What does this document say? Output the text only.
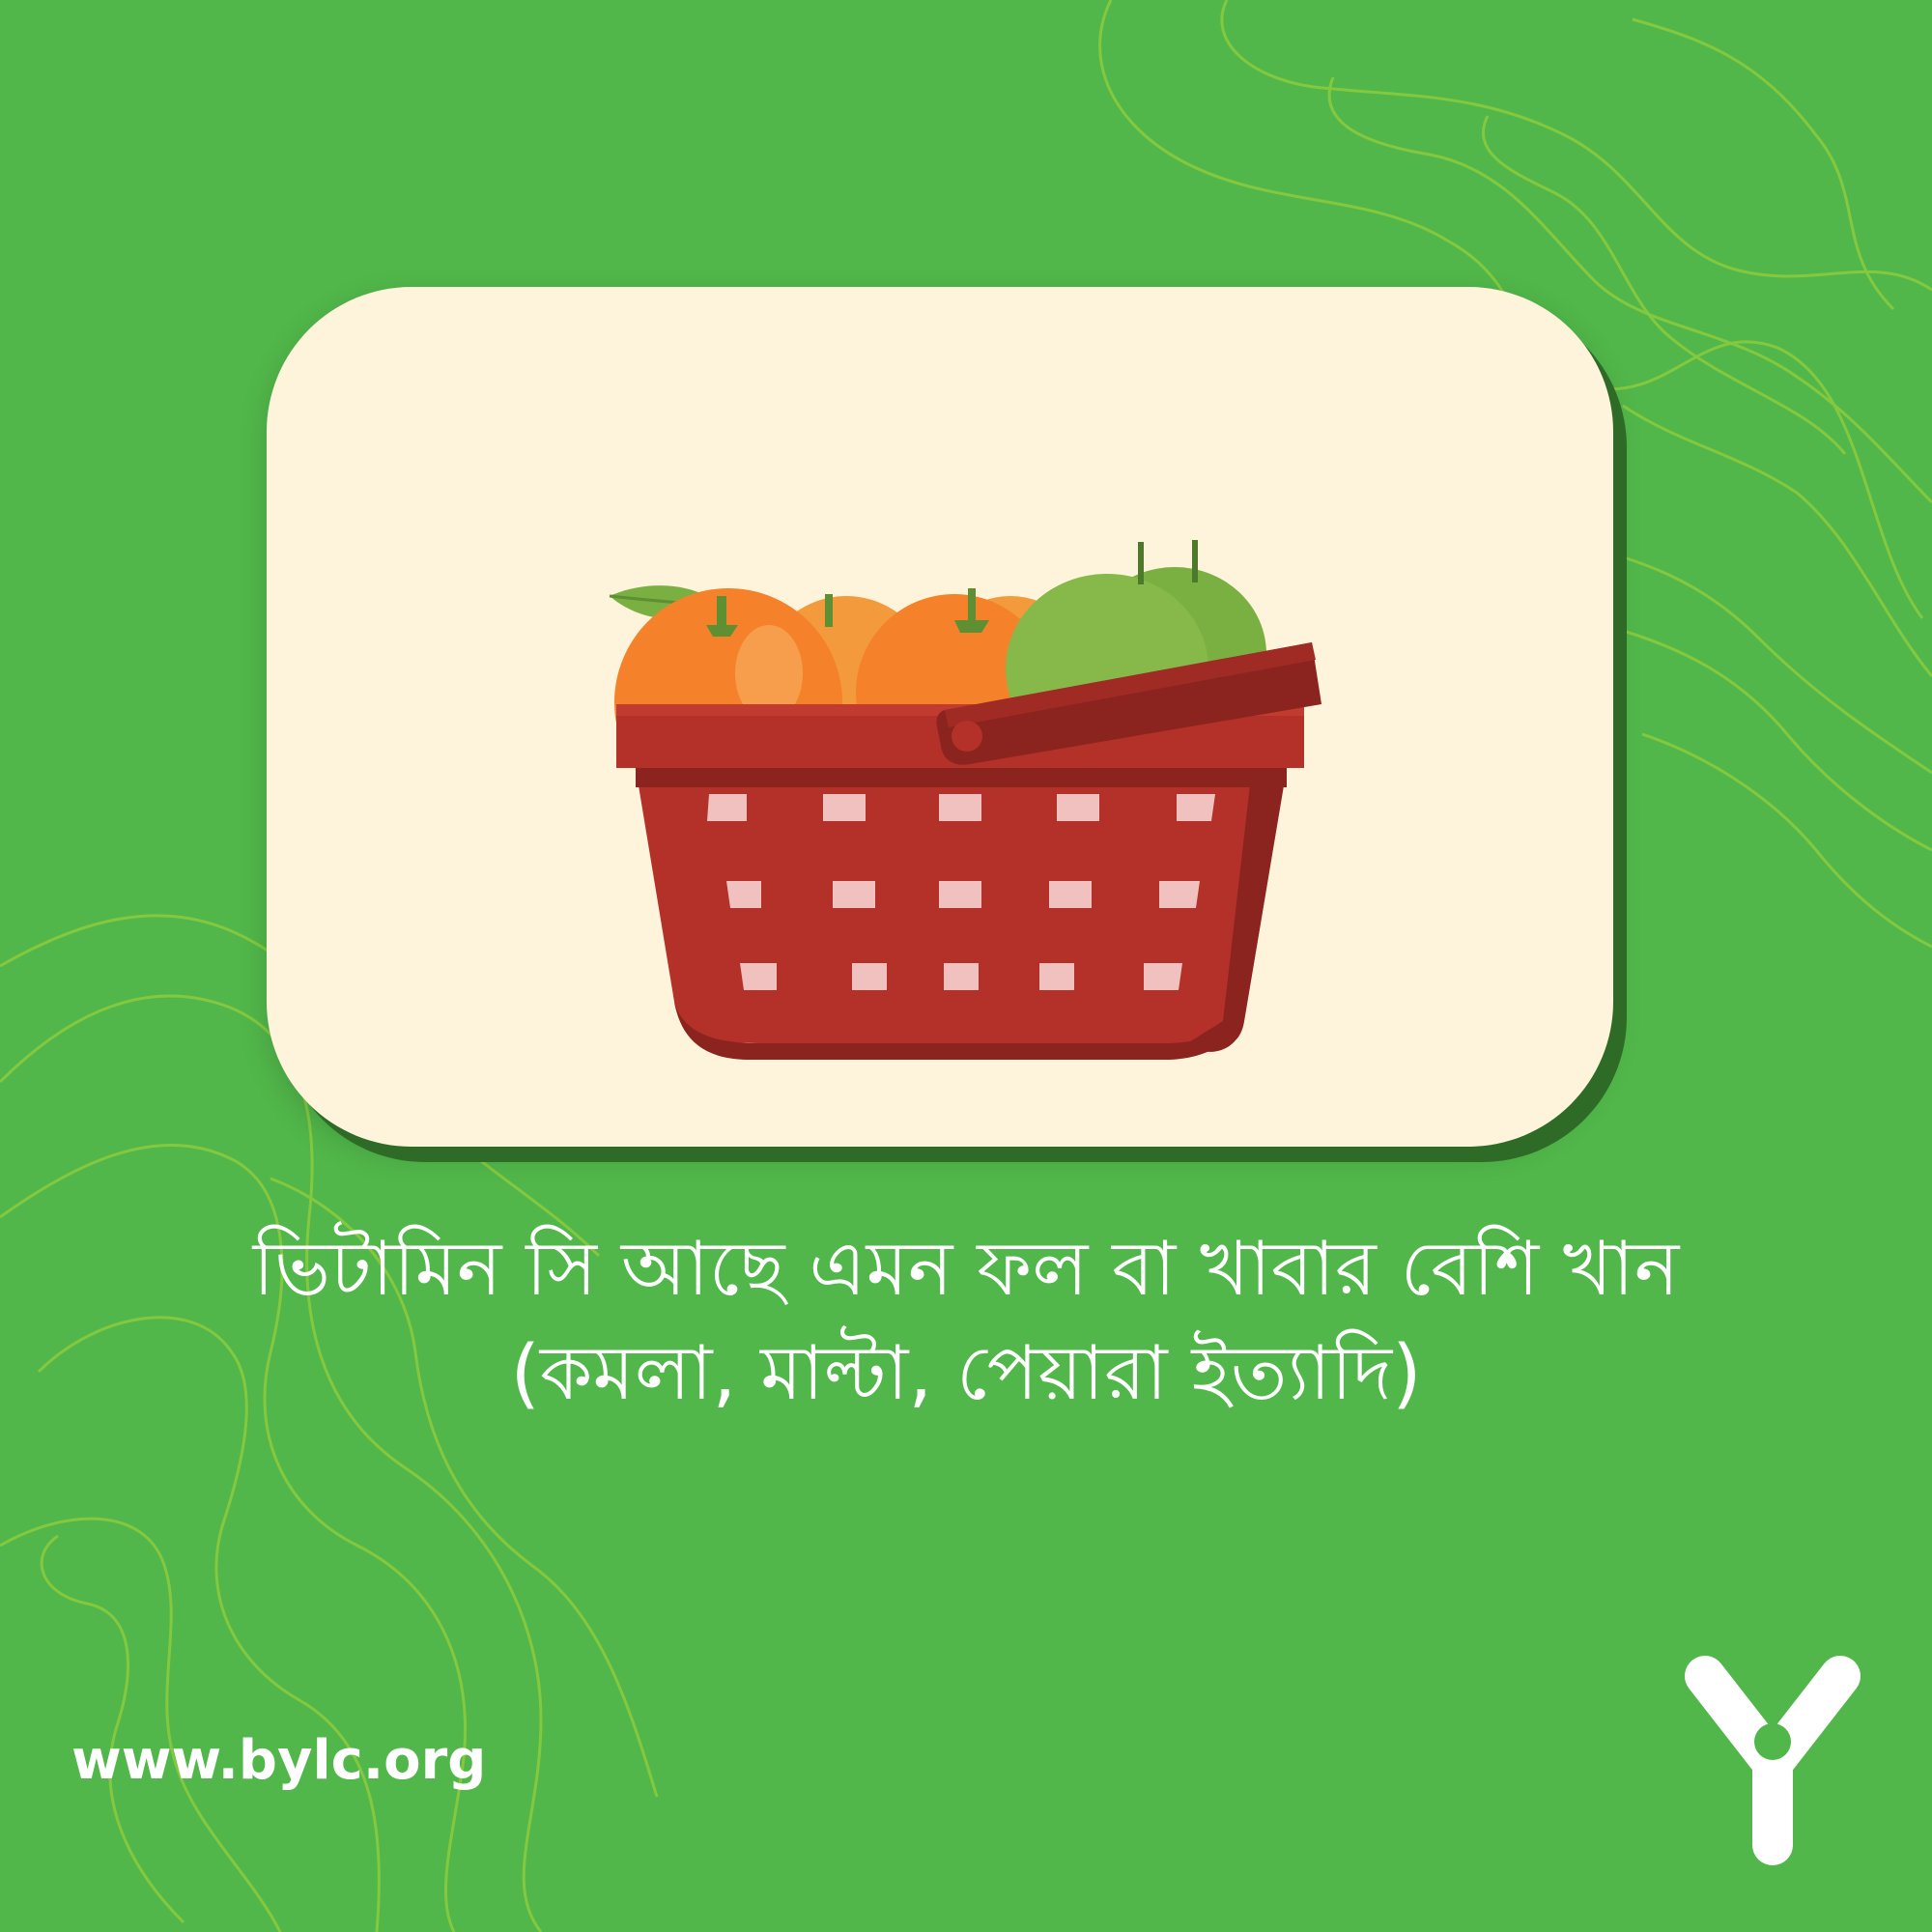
ভিটামিন সি আছে এমন ফল বা খাবার বেশি খান
(কমলা, মাল্টা, পেয়ারা ইত্যাদি)
www.bylc.org
